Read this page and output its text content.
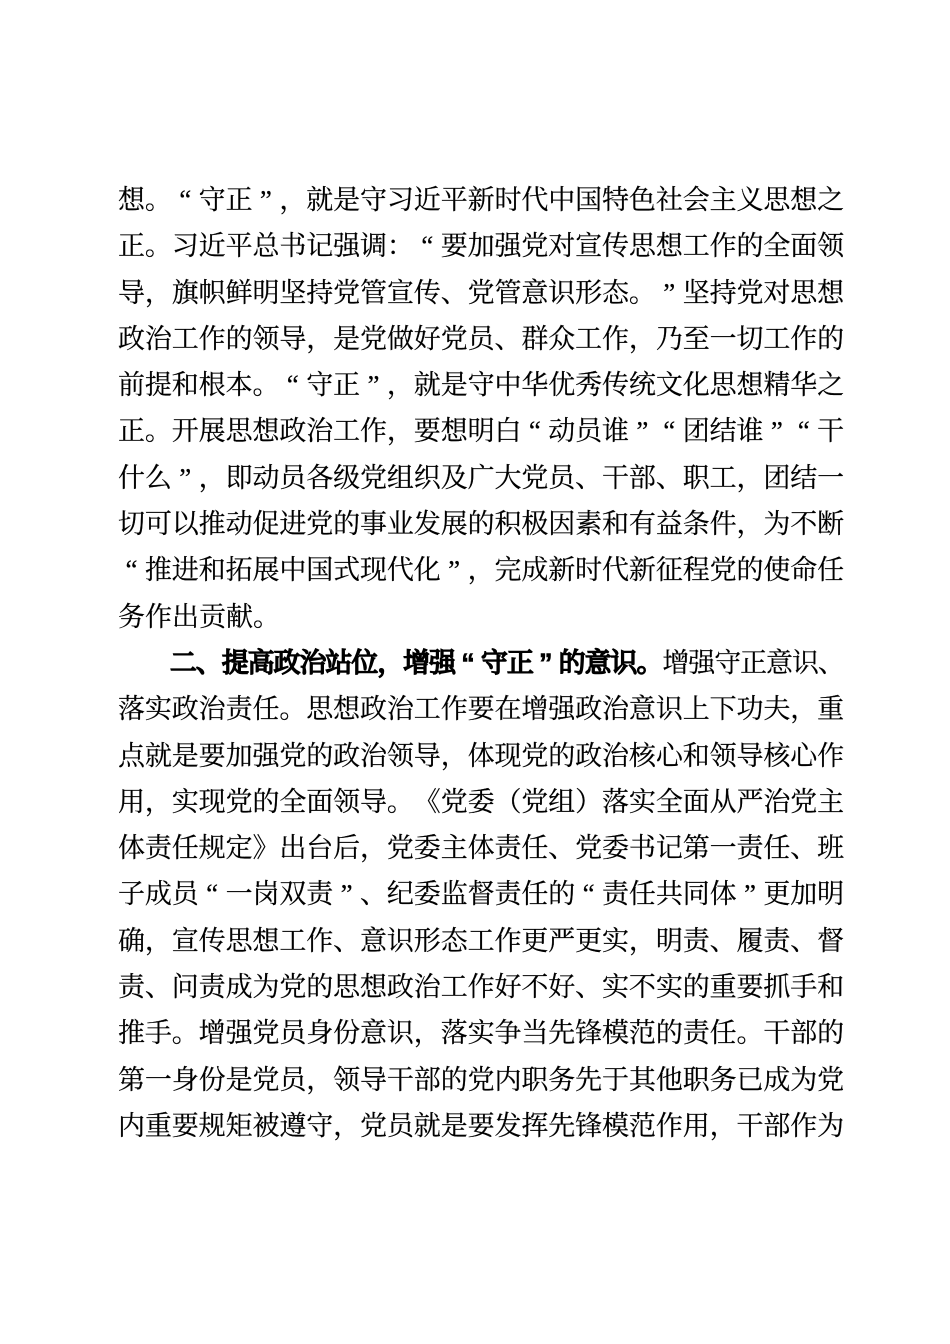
想 。 “ 守 正 ” ， 就 是 守 习 近 平 新 时 代 中 国 特 色 社 会 主 义 思 想 之
正 。 习 近 平 总 书 记 强 调 ： “ 要 加 强 党 对 宣 传 思 想 工 作 的 全 面 领
导 ， 旗 帜 鲜 明 坚 持 党 管 宣 传 、 党 管 意 识 形 态 。 ” 坚 持 党 对 思 想
政 治 工 作 的 领 导 ， 是 党 做 好 党 员 、 群 众 工 作 ， 乃 至 一 切 工 作 的
前 提 和 根 本 。 “ 守 正 ” ， 就 是 守 中 华 优 秀 传 统 文 化 思 想 精 华 之
正 。 开 展 思 想 政 治 工 作 ， 要 想 明 白 “ 动 员 谁 ” “ 团 结 谁 ” “ 干
什 么 ” ， 即 动 员 各 级 党 组 织 及 广 大 党 员 、 干 部 、 职 工 ， 团 结 一
切 可 以 推 动 促 进 党 的 事 业 发 展 的 积 极 因 素 和 有 益 条 件 ， 为 不 断
“ 推 进 和 拓 展 中 国 式 现 代 化 ” ， 完 成 新 时 代 新 征 程 党 的 使 命 任
务作出贡献。
二
、
提
高
政
治
站
位
，
增
强 “ 守
正 ” 的
意
识
。
增
强
守
正
意
识
、
落 实 政 治 责 任 。 思 想 政 治 工 作 要 在 增 强 政 治 意 识 上 下 功 夫 ， 重
点 就 是 要 加 强 党 的 政 治 领 导 ， 体 现 党 的 政 治 核 心 和 领 导 核 心 作
用 ， 实 现 党 的 全 面 领 导 。 《 党 委 （ 党 组 ） 落 实 全 面 从 严 治 党 主
体 责 任 规 定 》 出 台 后 ， 党 委 主 体 责 任 、 党 委 书 记 第 一 责 任 、 班
子 成 员 “ 一 岗 双 责 ” 、 纪 委 监 督 责 任 的 “ 责 任 共 同 体 ” 更 加 明
确 ， 宣 传 思 想 工 作 、 意 识 形 态 工 作 更 严 更 实 ， 明 责 、 履 责 、 督
责 、 问 责 成 为 党 的 思 想 政 治 工 作 好 不 好 、 实 不 实 的 重 要 抓 手 和
推 手 。 增 强 党 员 身 份 意 识 ， 落 实 争 当 先 锋 模 范 的 责 任 。 干 部 的
第 一 身 份 是 党 员 ， 领 导 干 部 的 党 内 职 务 先 于 其 他 职 务 已 成 为 党
内 重 要 规 矩 被 遵 守 ， 党 员 就 是 要 发 挥 先 锋 模 范 作 用 ， 干 部 作 为
